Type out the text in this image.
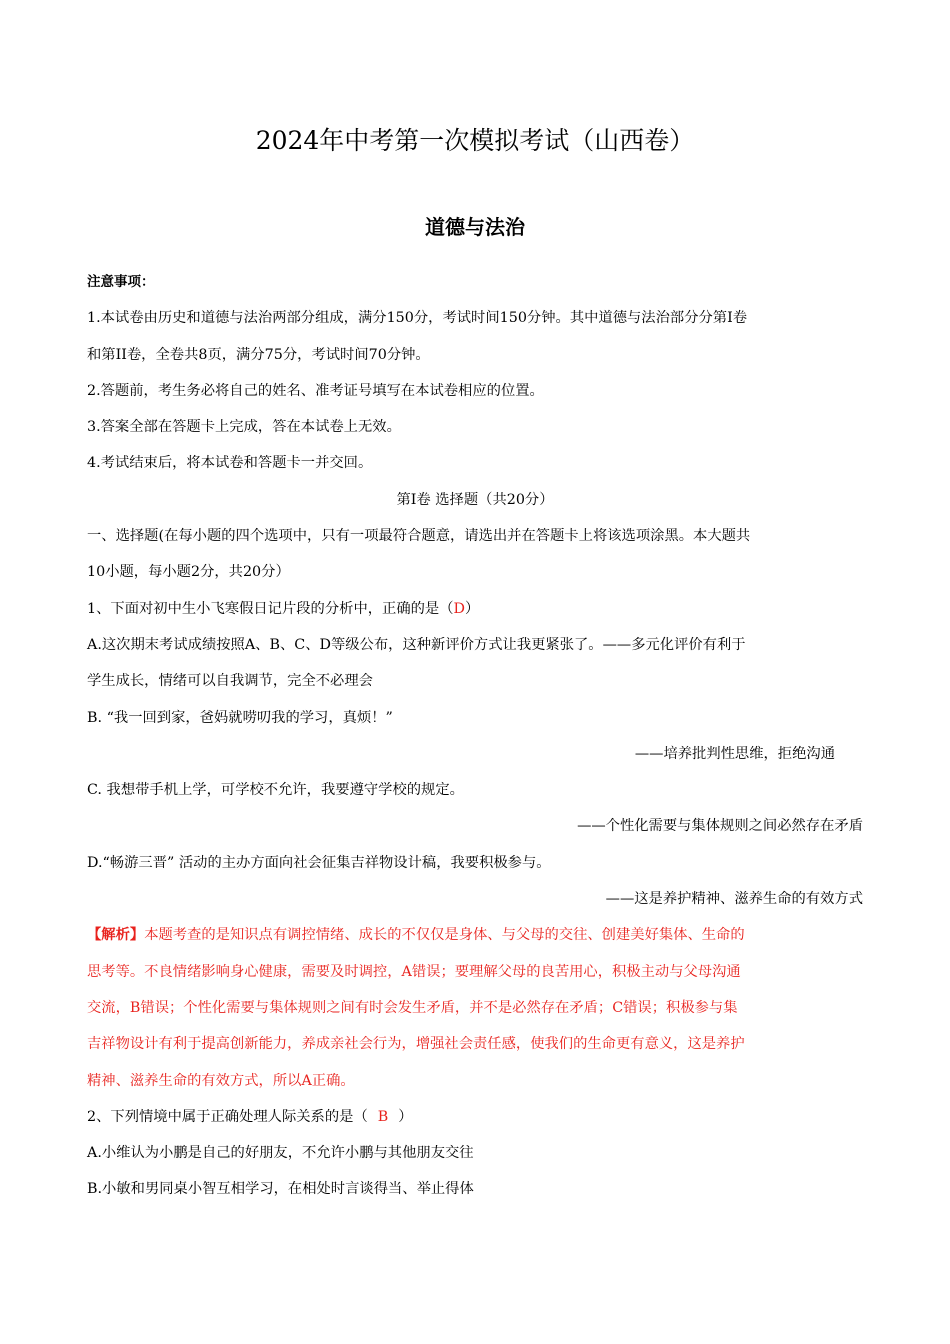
2024年中考第一次模拟考试（山西卷）
道德与法治

注意事项：

1.本试卷由历史和道德与法治两部分组成，满分150分，考试时间150分钟。其中道德与法治部分分第I卷

和第II卷，全卷共8页，满分75分，考试时间70分钟。

2.答题前，考生务必将自己的姓名、准考证号填写在本试卷相应的位置。

3.答案全部在答题卡上完成，答在本试卷上无效。

4.考试结束后，将本试卷和答题卡一并交回。

第Ⅰ卷 选择题（共20分）

一、选择题(在每小题的四个选项中，只有一项最符合题意，请选出并在答题卡上将该选项涂黑。本大题共

10小题，每小题2分，共20分）

1、下面对初中生小飞寒假日记片段的分析中，正确的是（D）

A.这次期末考试成绩按照A、B、C、D等级公布，这种新评价方式让我更紧张了。——多元化评价有利于

学生成长，情绪可以自我调节，完全不必理会

B. “我一回到家，爸妈就唠叨我的学习，真烦！”

——培养批判性思维，拒绝沟通

C. 我想带手机上学，可学校不允许，我要遵守学校的规定。

——个性化需要与集体规则之间必然存在矛盾

D.“畅游三晋” 活动的主办方面向社会征集吉祥物设计稿，我要积极参与。

——这是养护精神、滋养生命的有效方式

【解析】本题考查的是知识点有调控情绪、成长的不仅仅是身体、与父母的交往、创建美好集体、生命的

思考等。不良情绪影响身心健康，需要及时调控，A错误；要理解父母的良苦用心，积极主动与父母沟通

交流，B错误；个性化需要与集体规则之间有时会发生矛盾，并不是必然存在矛盾；C错误；积极参与集

吉祥物设计有利于提高创新能力，养成亲社会行为，增强社会责任感，使我们的生命更有意义，这是养护

精神、滋养生命的有效方式，所以A正确。

2、下列情境中属于正确处理人际关系的是（ B ）

A.小维认为小鹏是自己的好朋友，不允许小鹏与其他朋友交往

B.小敏和男同桌小智互相学习，在相处时言谈得当、举止得体
